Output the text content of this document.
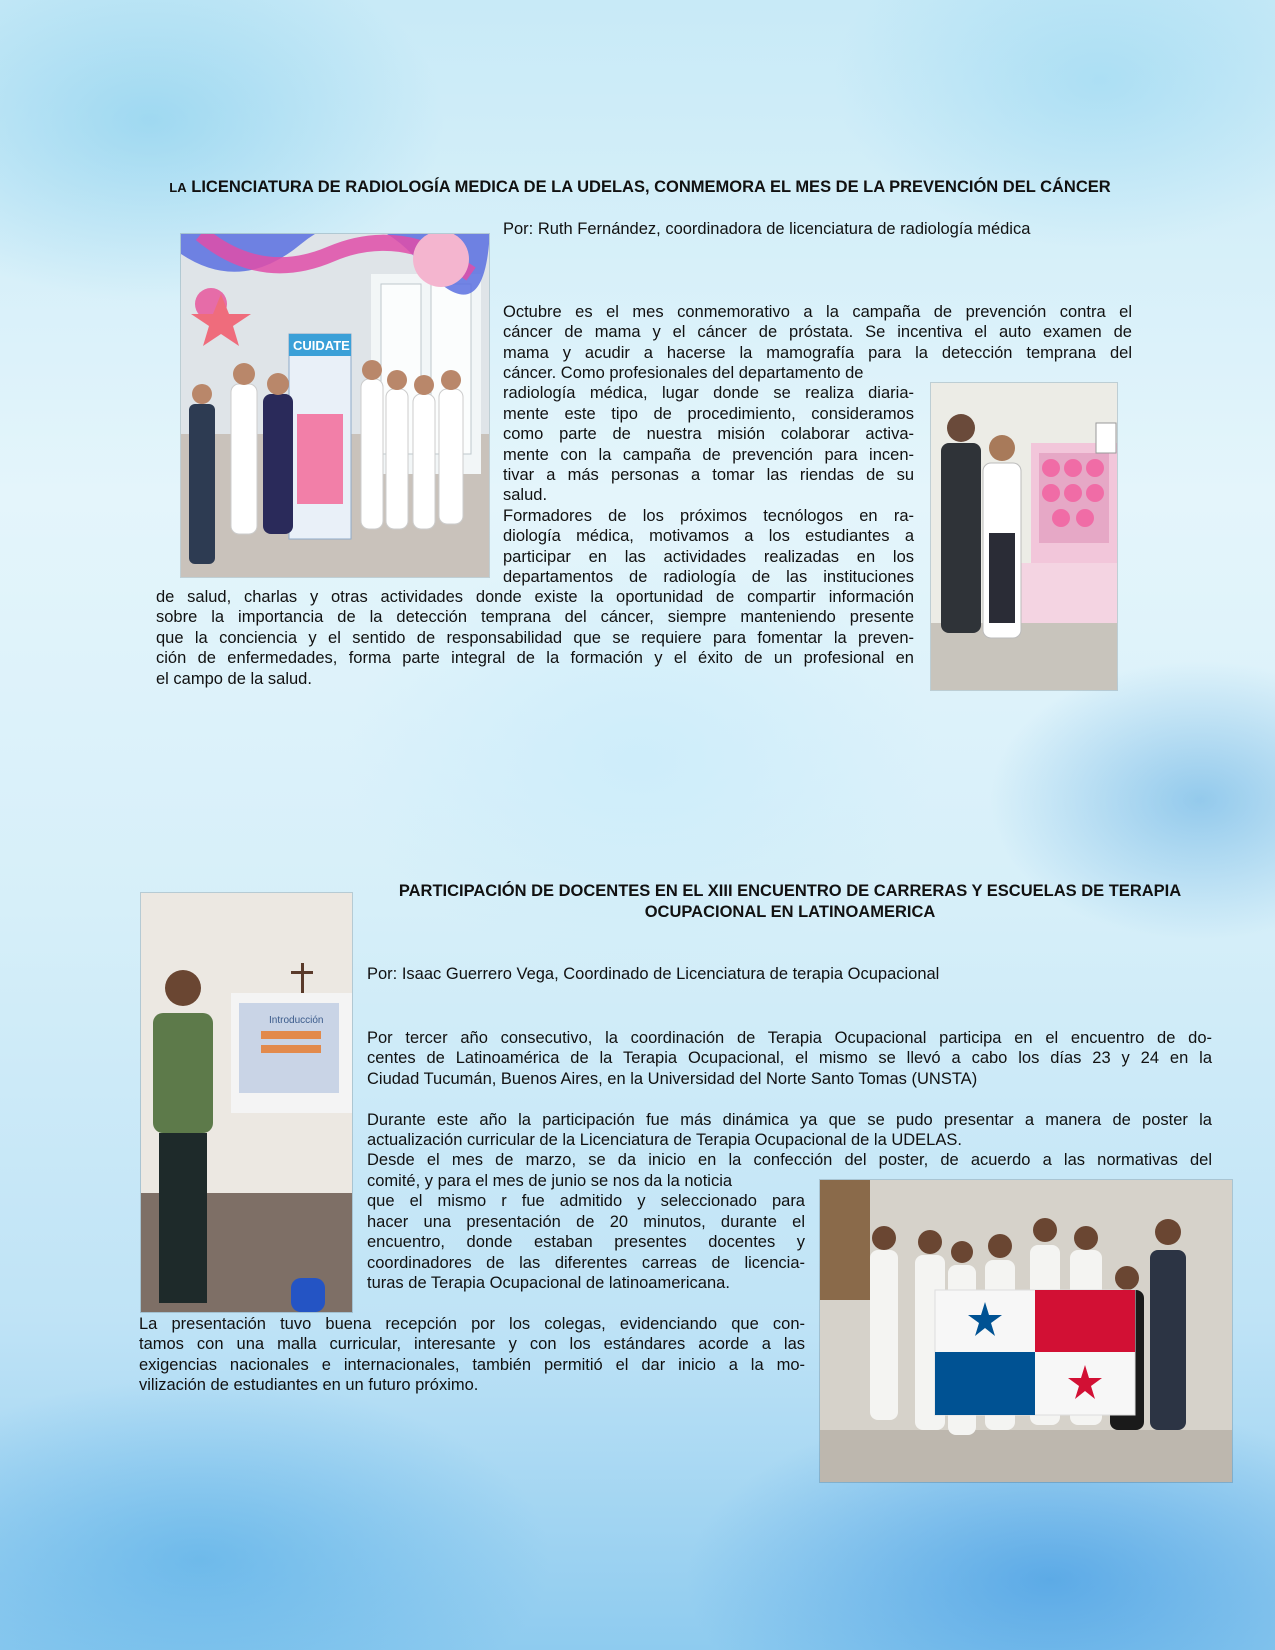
LA LICENCIATURA DE RADIOLOGÍA MEDICA DE LA UDELAS, CONMEMORA EL MES DE LA PREVENCIÓN DEL CÁNCER
Por: Ruth Fernández, coordinadora de licenciatura de radiología médica
CUIDATE
Octubre es el mes conmemorativo a la campaña de prevención contra el
cáncer de mama y el cáncer de próstata. Se incentiva el auto examen de
mama y acudir a hacerse la mamografía para la detección temprana del
cáncer. Como profesionales del departamento de
radiología médica, lugar donde se realiza diaria-
mente este tipo de procedimiento, consideramos
como parte de nuestra misión colaborar activa-
mente con la campaña de prevención para incen-
tivar a más personas a tomar las riendas de su
salud.
Formadores de los próximos tecnólogos en ra-
diología médica, motivamos a los estudiantes a
participar en las actividades realizadas en los
departamentos de radiología de las instituciones
de salud, charlas y otras actividades donde existe la oportunidad de compartir información
sobre la importancia de la detección temprana del cáncer, siempre manteniendo presente
que la conciencia y el sentido de responsabilidad que se requiere para fomentar la preven-
ción de enfermedades, forma parte integral de la formación y el éxito de un profesional en
el campo de la salud.
PARTICIPACIÓN DE DOCENTES EN EL XIII ENCUENTRO DE CARRERAS Y ESCUELAS DE TERAPIA OCUPACIONAL EN LATINOAMERICA
Introducción
Por: Isaac Guerrero Vega, Coordinado de Licenciatura de terapia Ocupacional
Por tercer año consecutivo, la coordinación de Terapia Ocupacional participa en el encuentro de do-
centes de Latinoamérica de la Terapia Ocupacional, el mismo se llevó a cabo los días 23 y 24 en la
Ciudad Tucumán, Buenos Aires, en la Universidad del Norte Santo Tomas (UNSTA)
Durante este año la participación fue más dinámica ya que se pudo presentar a manera de poster la
actualización curricular de la Licenciatura de Terapia Ocupacional de la UDELAS.
Desde el mes de marzo, se da inicio en la confección del poster, de acuerdo a las normativas del
comité, y para el mes de junio se nos da la noticia
que el mismo r fue admitido y seleccionado para
hacer una presentación de 20 minutos, durante el
encuentro, donde estaban presentes docentes y
coordinadores de las diferentes carreas de licencia-
turas de Terapia Ocupacional de latinoamericana.
La presentación tuvo buena recepción por los colegas, evidenciando que con-
tamos con una malla curricular, interesante y con los estándares acorde a las
exigencias nacionales e internacionales, también permitió el dar inicio a la mo-
vilización de estudiantes en un futuro próximo.
